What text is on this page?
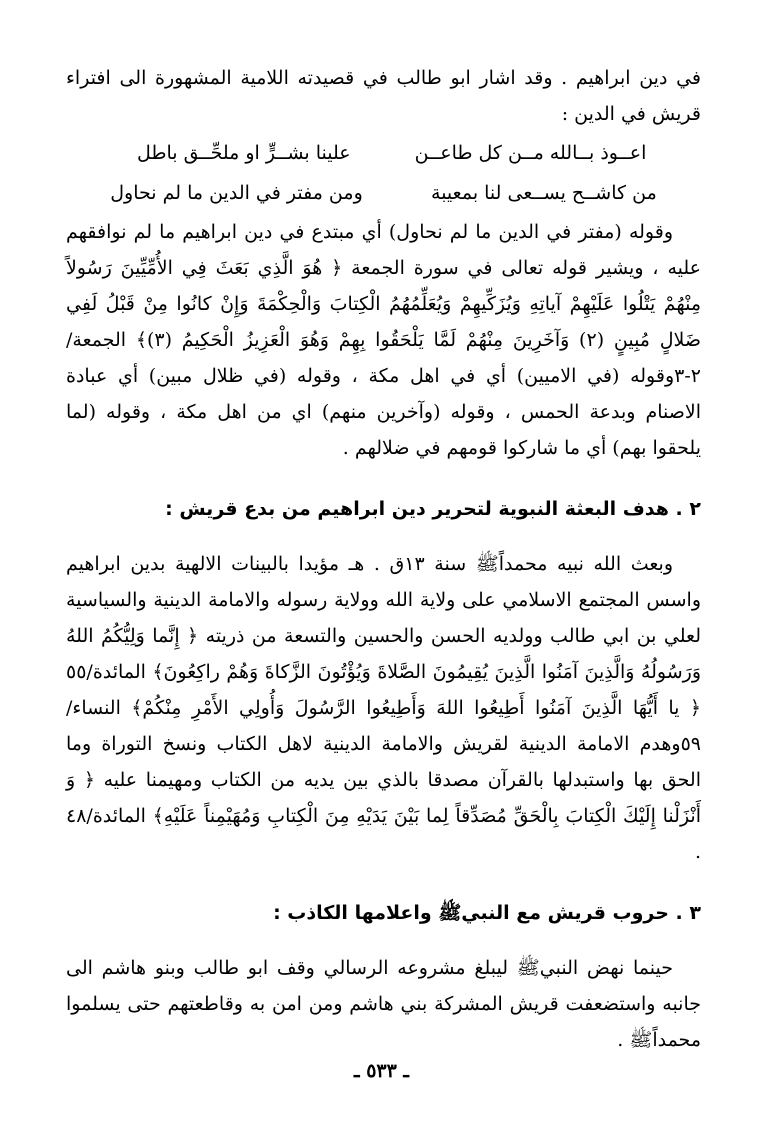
في دين ابراهيم . وقد اشار ابو طالب في قصيدته اللامية المشهورة الى افتراء قريش في الدين :

اعــوذ بــالله مــن كل طاعــن
علينا بشــرٍّ او ملحِّــق باطل
من كاشــح يســعى لنا بمعيبة
ومن مفتر في الدين ما لم نحاول

وقوله (مفتر في الدين ما لم نحاول) أي مبتدع في دين ابراهيم ما لم نوافقهم عليه ، ويشير قوله تعالى في سورة الجمعة ﴿ هُوَ الَّذِي بَعَثَ فِي الأُمِّيِّينَ رَسُولاً مِنْهُمْ يَتْلُوا عَلَيْهِمْ آياتِهِ وَيُزَكِّيهِمْ وَيُعَلِّمُهُمُ الْكِتابَ وَالْحِكْمَةَ وَإِنْ كانُوا مِنْ قَبْلُ لَفِي ضَلالٍ مُبِينٍ (٢) وَآخَرِينَ مِنْهُمْ لَمَّا يَلْحَقُوا بِهِمْ وَهُوَ الْعَزِيزُ الْحَكِيمُ (٣)﴾ الجمعة/٢-٣وقوله (في الاميين) أي في اهل مكة ، وقوله (في ظلال مبين) أي عبادة الاصنام وبدعة الحمس ، وقوله (وآخرين منهم) اي من اهل مكة ، وقوله (لما يلحقوا بهم) أي ما شاركوا قومهم في ضلالهم .

٢ . هدف البعثة النبوية لتحرير دين ابراهيم من بدع قريش :

وبعث الله نبيه محمداًﷺ سنة ١٣ق . هـ مؤيدا بالبينات الالهية بدين ابراهيم واسس المجتمع الاسلامي على ولاية الله وولاية رسوله والامامة الدينية والسياسية لعلي بن ابي طالب وولديه الحسن والحسين والتسعة من ذريته ﴿ إِنَّما وَلِيُّكُمُ اللهُ وَرَسُولُهُ وَالَّذِينَ آمَنُوا الَّذِينَ يُقِيمُونَ الصَّلاةَ وَيُؤْتُونَ الزَّكاةَ وَهُمْ راكِعُونَ﴾ المائدة/٥٥ ﴿ يا أَيُّهَا الَّذِينَ آمَنُوا أَطِيعُوا اللهَ وَأَطِيعُوا الرَّسُولَ وَأُولِي الأَمْرِ مِنْكُمْ﴾ النساء/٥٩وهدم الامامة الدينية لقريش والامامة الدينية لاهل الكتاب ونسخ التوراة وما الحق بها واستبدلها بالقرآن مصدقا بالذي بين يديه من الكتاب ومهيمنا عليه ﴿ وَ أَنْزَلْنا إِلَيْكَ الْكِتابَ بِالْحَقِّ مُصَدِّقاً لِما بَيْنَ يَدَيْهِ مِنَ الْكِتابِ وَمُهَيْمِناً عَلَيْهِ﴾ المائدة/٤٨ .

٣ . حروب قريش مع النبيﷺ واعلامها الكاذب :

حينما نهض النبيﷺ ليبلغ مشروعه الرسالي وقف ابو طالب وبنو هاشم الى جانبه واستضعفت قريش المشركة بني هاشم ومن امن به وقاطعتهم حتى يسلموا محمداًﷺ .

ـ ٥٣٣ ـ
